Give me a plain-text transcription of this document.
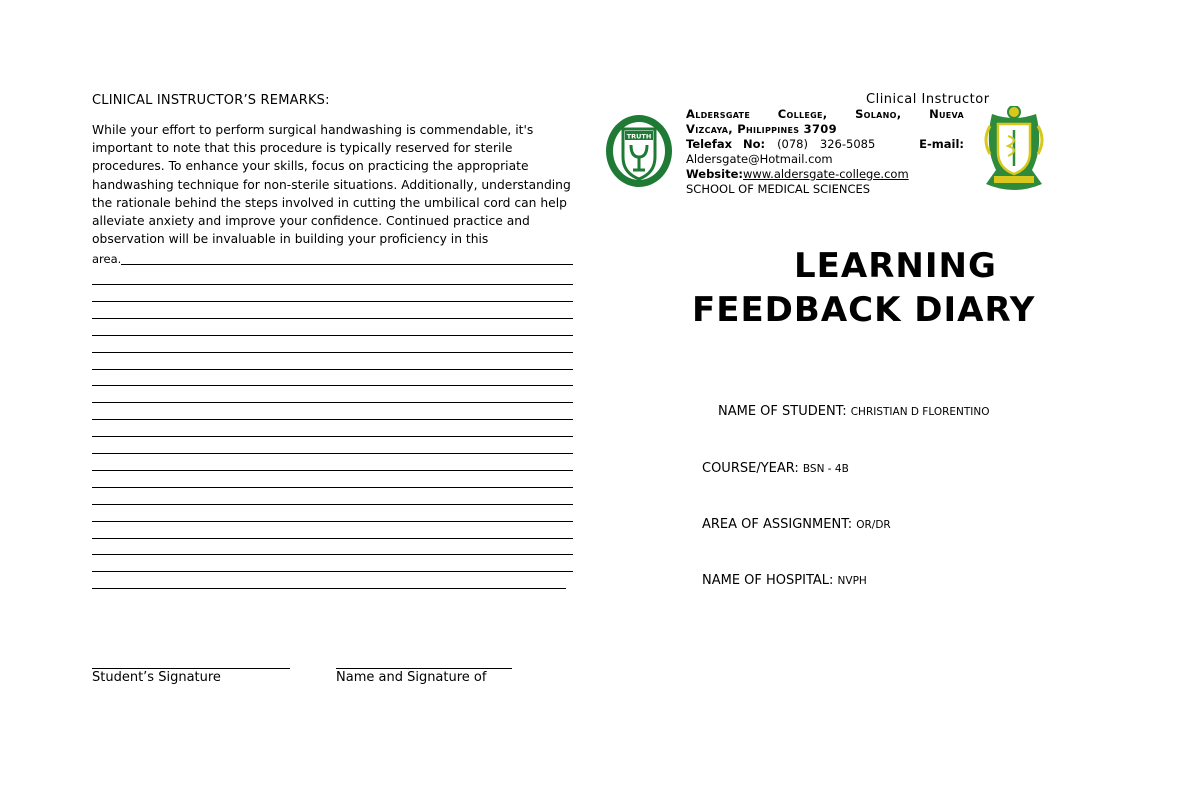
CLINICAL INSTRUCTOR’S REMARKS:
While your effort to perform surgical handwashing is commendable, it's important to note that this procedure is typically reserved for sterile procedures. To enhance your skills, focus on practicing the appropriate handwashing technique for non-sterile situations. Additionally, understanding the rationale behind the steps involved in cutting the umbilical cord can help alleviate anxiety and improve your confidence. Continued practice and observation will be invaluable in building your proficiency in this
area.
Student’s Signature	Name and Signature of
Clinical Instructor
TRUTH
Aldersgate College, Solano, Nueva
Vizcaya, Philippines 3709
Telefax No: (078) 326-5085	E-mail:
Aldersgate@Hotmail.com
Website:www.aldersgate-college.com
SCHOOL OF MEDICAL SCIENCES
LEARNING
FEEDBACK DIARY
NAME OF STUDENT: CHRISTIAN D FLORENTINO
COURSE/YEAR: BSN - 4B
AREA OF ASSIGNMENT: OR/DR
NAME OF HOSPITAL: NVPH
